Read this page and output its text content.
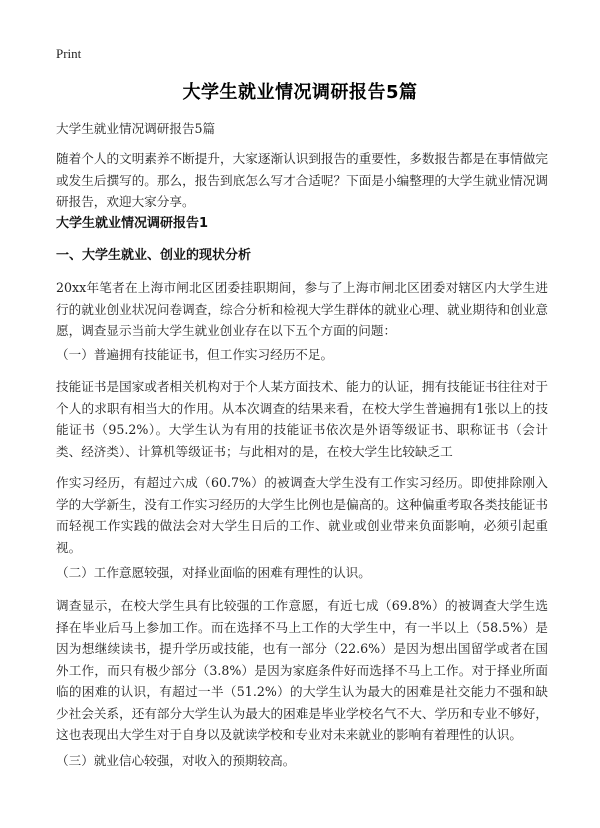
Print
大学生就业情况调研报告5篇
大学生就业情况调研报告5篇
随着个人的文明素养不断提升，大家逐渐认识到报告的重要性，多数报告都是在事情做完或发生后撰写的。那么，报告到底怎么写才合适呢？下面是小编整理的大学生就业情况调研报告，欢迎大家分享。
大学生就业情况调研报告1
一、大学生就业、创业的现状分析
20xx年笔者在上海市闸北区团委挂职期间，参与了上海市闸北区团委对辖区内大学生进行的就业创业状况问卷调查，综合分析和检视大学生群体的就业心理、就业期待和创业意愿，调查显示当前大学生就业创业存在以下五个方面的问题：
（一）普遍拥有技能证书，但工作实习经历不足。
技能证书是国家或者相关机构对于个人某方面技术、能力的认证，拥有技能证书往往对于个人的求职有相当大的作用。从本次调查的结果来看，在校大学生普遍拥有1张以上的技能证书（95.2%）。大学生认为有用的技能证书依次是外语等级证书、职称证书（会计类、经济类）、计算机等级证书；与此相对的是，在校大学生比较缺乏工
作实习经历，有超过六成（60.7%）的被调查大学生没有工作实习经历。即使排除刚入学的大学新生，没有工作实习经历的大学生比例也是偏高的。这种偏重考取各类技能证书而轻视工作实践的做法会对大学生日后的工作、就业或创业带来负面影响，必须引起重视。
（二）工作意愿较强，对择业面临的困难有理性的认识。
调查显示，在校大学生具有比较强的工作意愿，有近七成（69.8%）的被调查大学生选择在毕业后马上参加工作。而在选择不马上工作的大学生中，有一半以上（58.5%）是因为想继续读书，提升学历或技能，也有一部分（22.6%）是因为想出国留学或者在国外工作，而只有极少部分（3.8%）是因为家庭条件好而选择不马上工作。对于择业所面临的困难的认识，有超过一半（51.2%）的大学生认为最大的困难是社交能力不强和缺少社会关系，还有部分大学生认为最大的困难是毕业学校名气不大、学历和专业不够好，这也表现出大学生对于自身以及就读学校和专业对未来就业的影响有着理性的认识。
（三）就业信心较强，对收入的预期较高。
